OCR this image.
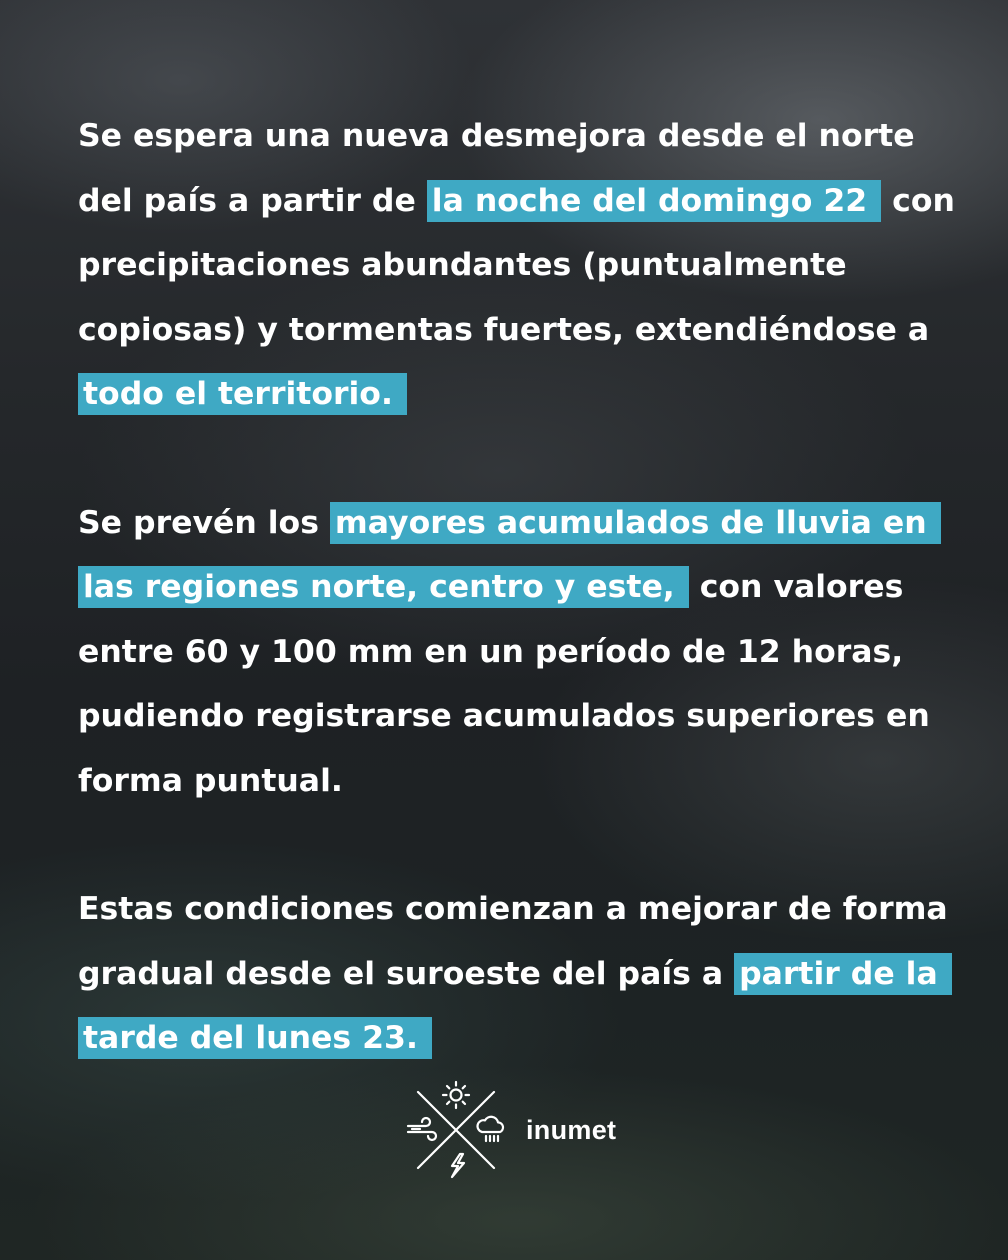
Se espera una nueva desmejora desde el norte del país a partir de la noche del domingo 22 con precipitaciones abundantes (puntualmente copiosas) y tormentas fuertes, extendiéndose a todo el territorio.

Se prevén los mayores acumulados de lluvia en las regiones norte, centro y este, con valores entre 60 y 100 mm en un período de 12 horas, pudiendo registrarse acumulados superiores en forma puntual.

Estas condiciones comienzan a mejorar de forma gradual desde el suroeste del país a partir de la tarde del lunes 23.

inumet
